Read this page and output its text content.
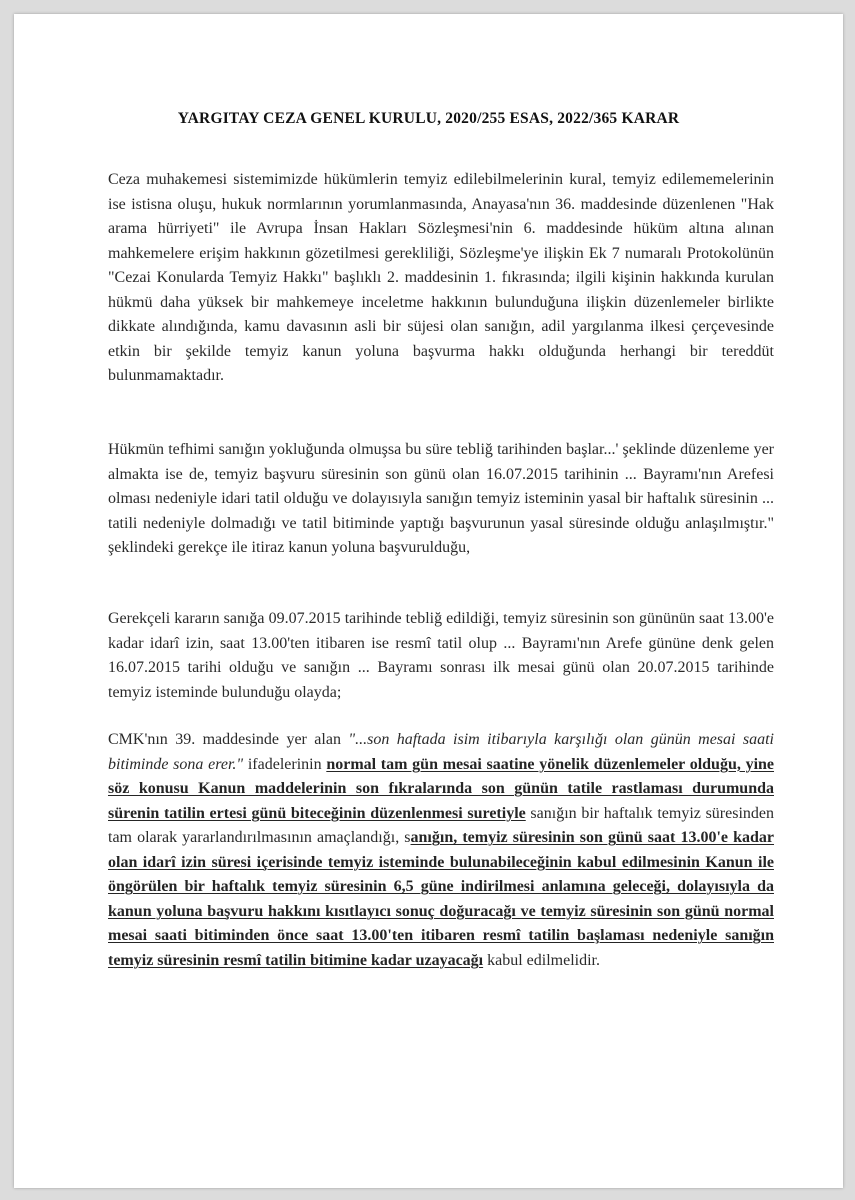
YARGITAY CEZA GENEL KURULU, 2020/255 ESAS, 2022/365 KARAR

Ceza muhakemesi sistemimizde hükümlerin temyiz edilebilmelerinin kural, temyiz edilememelerinin ise istisna oluşu, hukuk normlarının yorumlanmasında, Anayasa'nın 36. maddesinde düzenlenen "Hak arama hürriyeti" ile Avrupa İnsan Hakları Sözleşmesi'nin 6. maddesinde hüküm altına alınan mahkemelere erişim hakkının gözetilmesi gerekliliği, Sözleşme'ye ilişkin Ek 7 numaralı Protokolünün "Cezai Konularda Temyiz Hakkı" başlıklı 2. maddesinin 1. fıkrasında; ilgili kişinin hakkında kurulan hükmü daha yüksek bir mahkemeye inceletme hakkının bulunduğuna ilişkin düzenlemeler birlikte dikkate alındığında, kamu davasının asli bir süjesi olan sanığın, adil yargılanma ilkesi çerçevesinde etkin bir şekilde temyiz kanun yoluna başvurma hakkı olduğunda herhangi bir tereddüt bulunmamaktadır.

Hükmün tefhimi sanığın yokluğunda olmuşsa bu süre tebliğ tarihinden başlar...' şeklinde düzenleme yer almakta ise de, temyiz başvuru süresinin son günü olan 16.07.2015 tarihinin ... Bayramı'nın Arefesi olması nedeniyle idari tatil olduğu ve dolayısıyla sanığın temyiz isteminin yasal bir haftalık süresinin ... tatili nedeniyle dolmadığı ve tatil bitiminde yaptığı başvurunun yasal süresinde olduğu anlaşılmıştır." şeklindeki gerekçe ile itiraz kanun yoluna başvurulduğu,

Gerekçeli kararın sanığa 09.07.2015 tarihinde tebliğ edildiği, temyiz süresinin son gününün saat 13.00'e kadar idarî izin, saat 13.00'ten itibaren ise resmî tatil olup ... Bayramı'nın Arefe gününe denk gelen 16.07.2015 tarihi olduğu ve sanığın ... Bayramı sonrası ilk mesai günü olan 20.07.2015 tarihinde temyiz isteminde bulunduğu olayda;

CMK'nın 39. maddesinde yer alan "...son haftada isim itibarıyla karşılığı olan günün mesai saati bitiminde sona erer." ifadelerinin normal tam gün mesai saatine yönelik düzenlemeler olduğu, yine söz konusu Kanun maddelerinin son fıkralarında son günün tatile rastlaması durumunda sürenin tatilin ertesi günü biteceğinin düzenlenmesi suretiyle sanığın bir haftalık temyiz süresinden tam olarak yararlandırılmasının amaçlandığı, sanığın, temyiz süresinin son günü saat 13.00'e kadar olan idarî izin süresi içerisinde temyiz isteminde bulunabileceğinin kabul edilmesinin Kanun ile öngörülen bir haftalık temyiz süresinin 6,5 güne indirilmesi anlamına geleceği, dolayısıyla da kanun yoluna başvuru hakkını kısıtlayıcı sonuç doğuracağı ve temyiz süresinin son günü normal mesai saati bitiminden önce saat 13.00'ten itibaren resmî tatilin başlaması nedeniyle sanığın temyiz süresinin resmî tatilin bitimine kadar uzayacağı kabul edilmelidir.
